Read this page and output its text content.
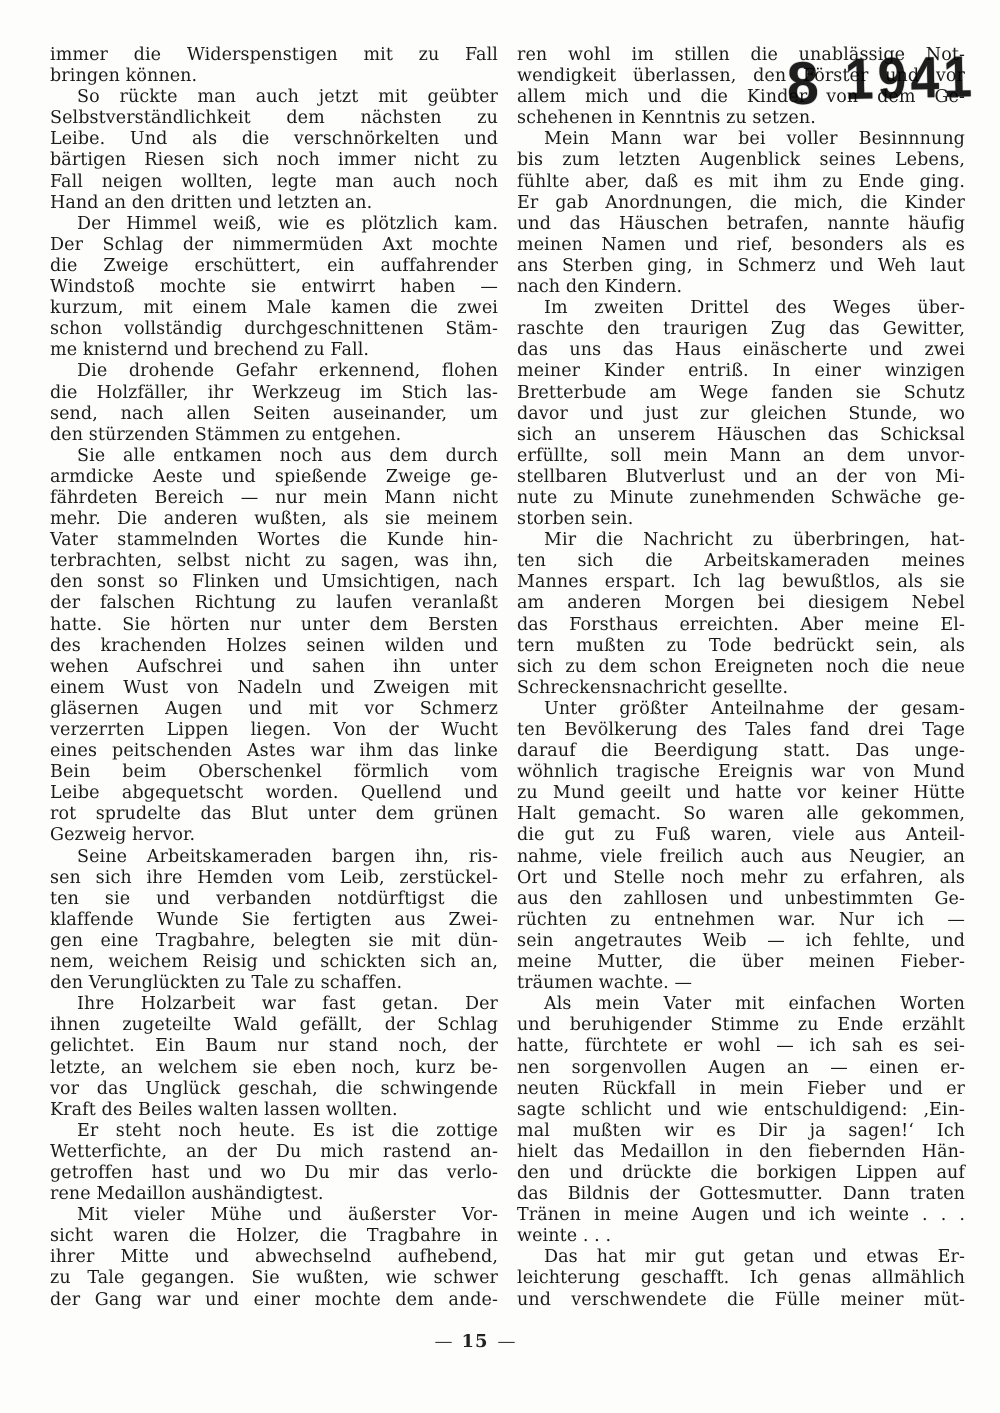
8 1941
immer die Widerspenstigen mit zu Fall
bringen können.
So rückte man auch jetzt mit geübter
Selbstverständlichkeit dem nächsten zu
Leibe. Und als die verschnörkelten und
bärtigen Riesen sich noch immer nicht zu
Fall neigen wollten, legte man auch noch
Hand an den dritten und letzten an.
Der Himmel weiß, wie es plötzlich kam.
Der Schlag der nimmermüden Axt mochte
die Zweige erschüttert, ein auffahrender
Windstoß mochte sie entwirrt haben —
kurzum, mit einem Male kamen die zwei
schon vollständig durchgeschnittenen Stäm-
me knisternd und brechend zu Fall.
Die drohende Gefahr erkennend, flohen
die Holzfäller, ihr Werkzeug im Stich las-
send, nach allen Seiten auseinander, um
den stürzenden Stämmen zu entgehen.
Sie alle entkamen noch aus dem durch
armdicke Aeste und spießende Zweige ge-
fährdeten Bereich — nur mein Mann nicht
mehr. Die anderen wußten, als sie meinem
Vater stammelnden Wortes die Kunde hin-
terbrachten, selbst nicht zu sagen, was ihn,
den sonst so Flinken und Umsichtigen, nach
der falschen Richtung zu laufen veranlaßt
hatte. Sie hörten nur unter dem Bersten
des krachenden Holzes seinen wilden und
wehen Aufschrei und sahen ihn unter
einem Wust von Nadeln und Zweigen mit
gläsernen Augen und mit vor Schmerz
verzerrten Lippen liegen. Von der Wucht
eines peitschenden Astes war ihm das linke
Bein beim Oberschenkel förmlich vom
Leibe abgequetscht worden. Quellend und
rot sprudelte das Blut unter dem grünen
Gezweig hervor.
Seine Arbeitskameraden bargen ihn, ris-
sen sich ihre Hemden vom Leib, zerstückel-
ten sie und verbanden notdürftigst die
klaffende Wunde Sie fertigten aus Zwei-
gen eine Tragbahre, belegten sie mit dün-
nem, weichem Reisig und schickten sich an,
den Verunglückten zu Tale zu schaffen.
Ihre Holzarbeit war fast getan. Der
ihnen zugeteilte Wald gefällt, der Schlag
gelichtet. Ein Baum nur stand noch, der
letzte, an welchem sie eben noch, kurz be-
vor das Unglück geschah, die schwingende
Kraft des Beiles walten lassen wollten.
Er steht noch heute. Es ist die zottige
Wetterfichte, an der Du mich rastend an-
getroffen hast und wo Du mir das verlo-
rene Medaillon aushändigtest.
Mit vieler Mühe und äußerster Vor-
sicht waren die Holzer, die Tragbahre in
ihrer Mitte und abwechselnd aufhebend,
zu Tale gegangen. Sie wußten, wie schwer
der Gang war und einer mochte dem ande-
ren wohl im stillen die unablässige Not-
wendigkeit überlassen, den Förster und vor
allem mich und die Kinder von dem Ge-
schehenen in Kenntnis zu setzen.
Mein Mann war bei voller Besinnnung
bis zum letzten Augenblick seines Lebens,
fühlte aber, daß es mit ihm zu Ende ging.
Er gab Anordnungen, die mich, die Kinder
und das Häuschen betrafen, nannte häufig
meinen Namen und rief, besonders als es
ans Sterben ging, in Schmerz und Weh laut
nach den Kindern.
Im zweiten Drittel des Weges über-
raschte den traurigen Zug das Gewitter,
das uns das Haus einäscherte und zwei
meiner Kinder entriß. In einer winzigen
Bretterbude am Wege fanden sie Schutz
davor und just zur gleichen Stunde, wo
sich an unserem Häuschen das Schicksal
erfüllte, soll mein Mann an dem unvor-
stellbaren Blutverlust und an der von Mi-
nute zu Minute zunehmenden Schwäche ge-
storben sein.
Mir die Nachricht zu überbringen, hat-
ten sich die Arbeitskameraden meines
Mannes erspart. Ich lag bewußtlos, als sie
am anderen Morgen bei diesigem Nebel
das Forsthaus erreichten. Aber meine El-
tern mußten zu Tode bedrückt sein, als
sich zu dem schon Ereigneten noch die neue
Schreckensnachricht gesellte.
Unter größter Anteilnahme der gesam-
ten Bevölkerung des Tales fand drei Tage
darauf die Beerdigung statt. Das unge-
wöhnlich tragische Ereignis war von Mund
zu Mund geeilt und hatte vor keiner Hütte
Halt gemacht. So waren alle gekommen,
die gut zu Fuß waren, viele aus Anteil-
nahme, viele freilich auch aus Neugier, an
Ort und Stelle noch mehr zu erfahren, als
aus den zahllosen und unbestimmten Ge-
rüchten zu entnehmen war. Nur ich —
sein angetrautes Weib — ich fehlte, und
meine Mutter, die über meinen Fieber-
träumen wachte. —
Als mein Vater mit einfachen Worten
und beruhigender Stimme zu Ende erzählt
hatte, fürchtete er wohl — ich sah es sei-
nen sorgenvollen Augen an — einen er-
neuten Rückfall in mein Fieber und er
sagte schlicht und wie entschuldigend: ‚Ein-
mal mußten wir es Dir ja sagen!‘ Ich
hielt das Medaillon in den fiebernden Hän-
den und drückte die borkigen Lippen auf
das Bildnis der Gottesmutter. Dann traten
Tränen in meine Augen und ich weinte . . .
weinte . . .
Das hat mir gut getan und etwas Er-
leichterung geschafft. Ich genas allmählich
und verschwendete die Fülle meiner müt-
— 15 —
